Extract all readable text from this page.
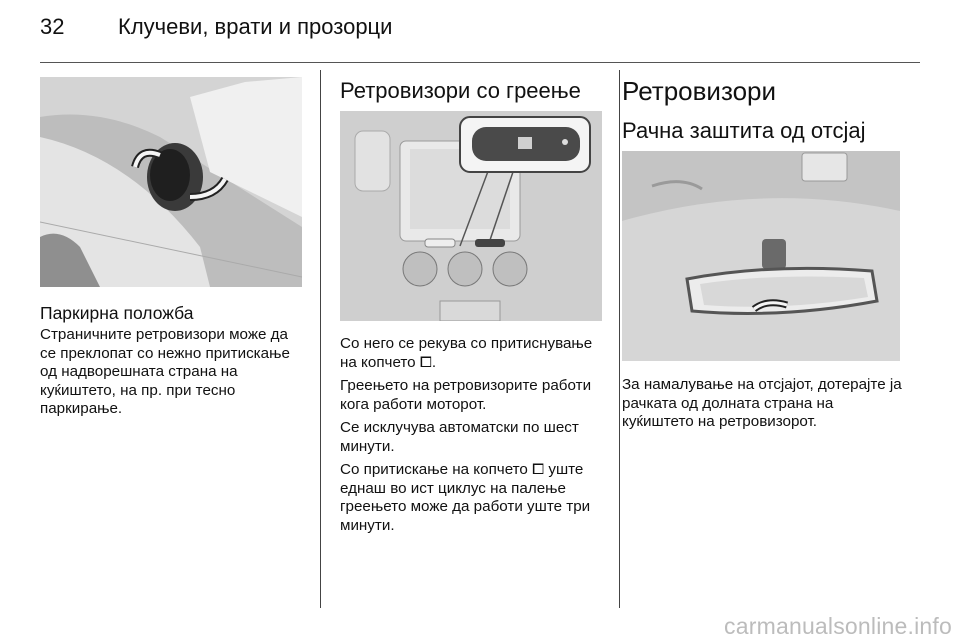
32 Клучеви, врати и прозорци
Паркирна положба

Страничните ретровизори може да се преклопат со нежно притискање од надворешната страна на куќиштето, на пр. при тесно паркирање.

Ретровизори со греење

Со него се рекува со притиснување на копчето ⧠.

Греењето на ретровизорите работи кога работи моторот.

Се исклучува автоматски по шест минути.

Со притискање на копчето ⧠ уште еднаш во ист циклус на палење греењето може да работи уште три минути.

Ретровизори
Рачна заштита од отсјај

За намалување на отсјајот, дотерајте ја рачката од долната страна на куќиштето на ретровизорот.

carmanualsonline.info
